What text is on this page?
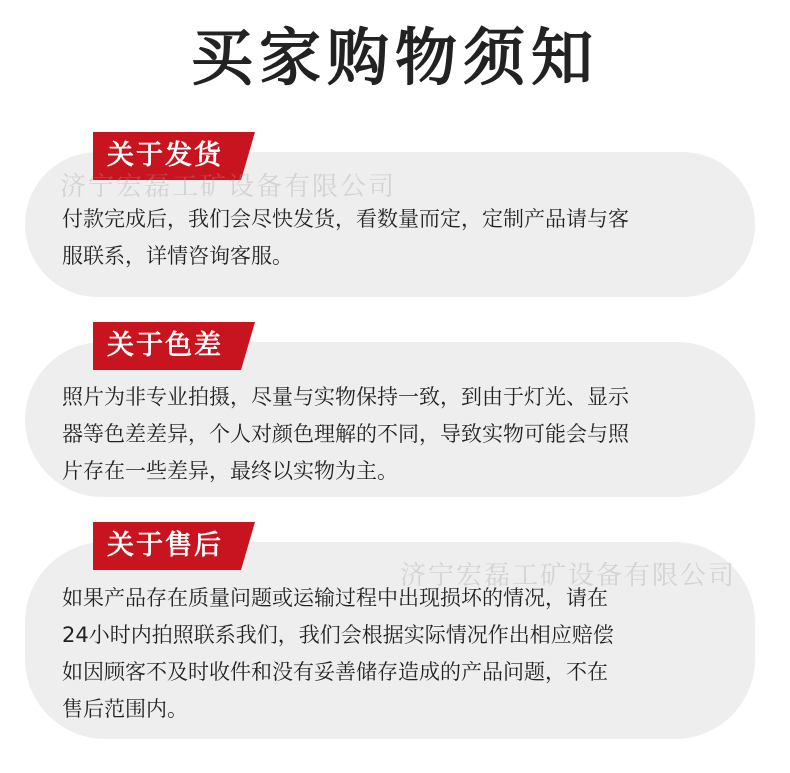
买家购物须知
付款完成后，我们会尽快发货，看数量而定，定制产品请与客
服联系，详情咨询客服。
关于发货
照片为非专业拍摄，尽量与实物保持一致，到由于灯光、显示
器等色差差异，个人对颜色理解的不同，导致实物可能会与照
片存在一些差异，最终以实物为主。
关于色差
如果产品存在质量问题或运输过程中出现损坏的情况，请在
24小时内拍照联系我们，我们会根据实际情况作出相应赔偿
如因顾客不及时收件和没有妥善储存造成的产品问题，不在
售后范围内。
关于售后
济宁宏磊工矿设备有限公司
济宁宏磊工矿设备有限公司
